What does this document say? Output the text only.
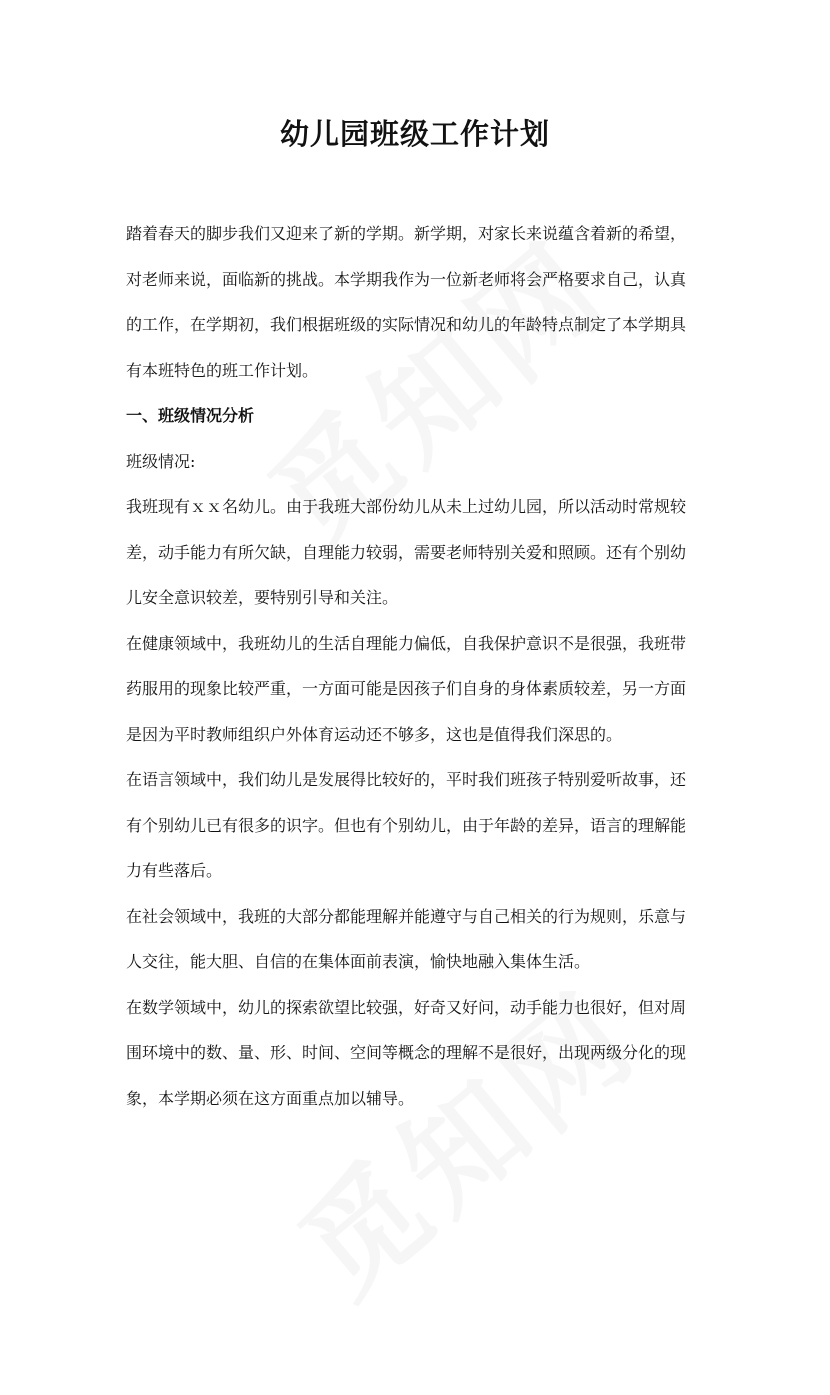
幼儿园班级工作计划
踏着春天的脚步我们又迎来了新的学期。新学期，对家长来说蕴含着新的希望，
对老师来说，面临新的挑战。本学期我作为一位新老师将会严格要求自己，认真
的工作，在学期初，我们根据班级的实际情况和幼儿的年龄特点制定了本学期具
有本班特色的班工作计划。
一、班级情况分析
班级情况:
我班现有ｘｘ名幼儿。由于我班大部份幼儿从未上过幼儿园，所以活动时常规较
差，动手能力有所欠缺，自理能力较弱，需要老师特别关爱和照顾。还有个别幼
儿安全意识较差，要特别引导和关注。
在健康领域中，我班幼儿的生活自理能力偏低，自我保护意识不是很强，我班带
药服用的现象比较严重，一方面可能是因孩子们自身的身体素质较差，另一方面
是因为平时教师组织户外体育运动还不够多，这也是值得我们深思的。
在语言领域中，我们幼儿是发展得比较好的，平时我们班孩子特别爱听故事，还
有个别幼儿已有很多的识字。但也有个别幼儿，由于年龄的差异，语言的理解能
力有些落后。
在社会领域中，我班的大部分都能理解并能遵守与自己相关的行为规则，乐意与
人交往，能大胆、自信的在集体面前表演，愉快地融入集体生活。
在数学领域中，幼儿的探索欲望比较强，好奇又好问，动手能力也很好，但对周
围环境中的数、量、形、时间、空间等概念的理解不是很好，出现两级分化的现
象，本学期必须在这方面重点加以辅导。
